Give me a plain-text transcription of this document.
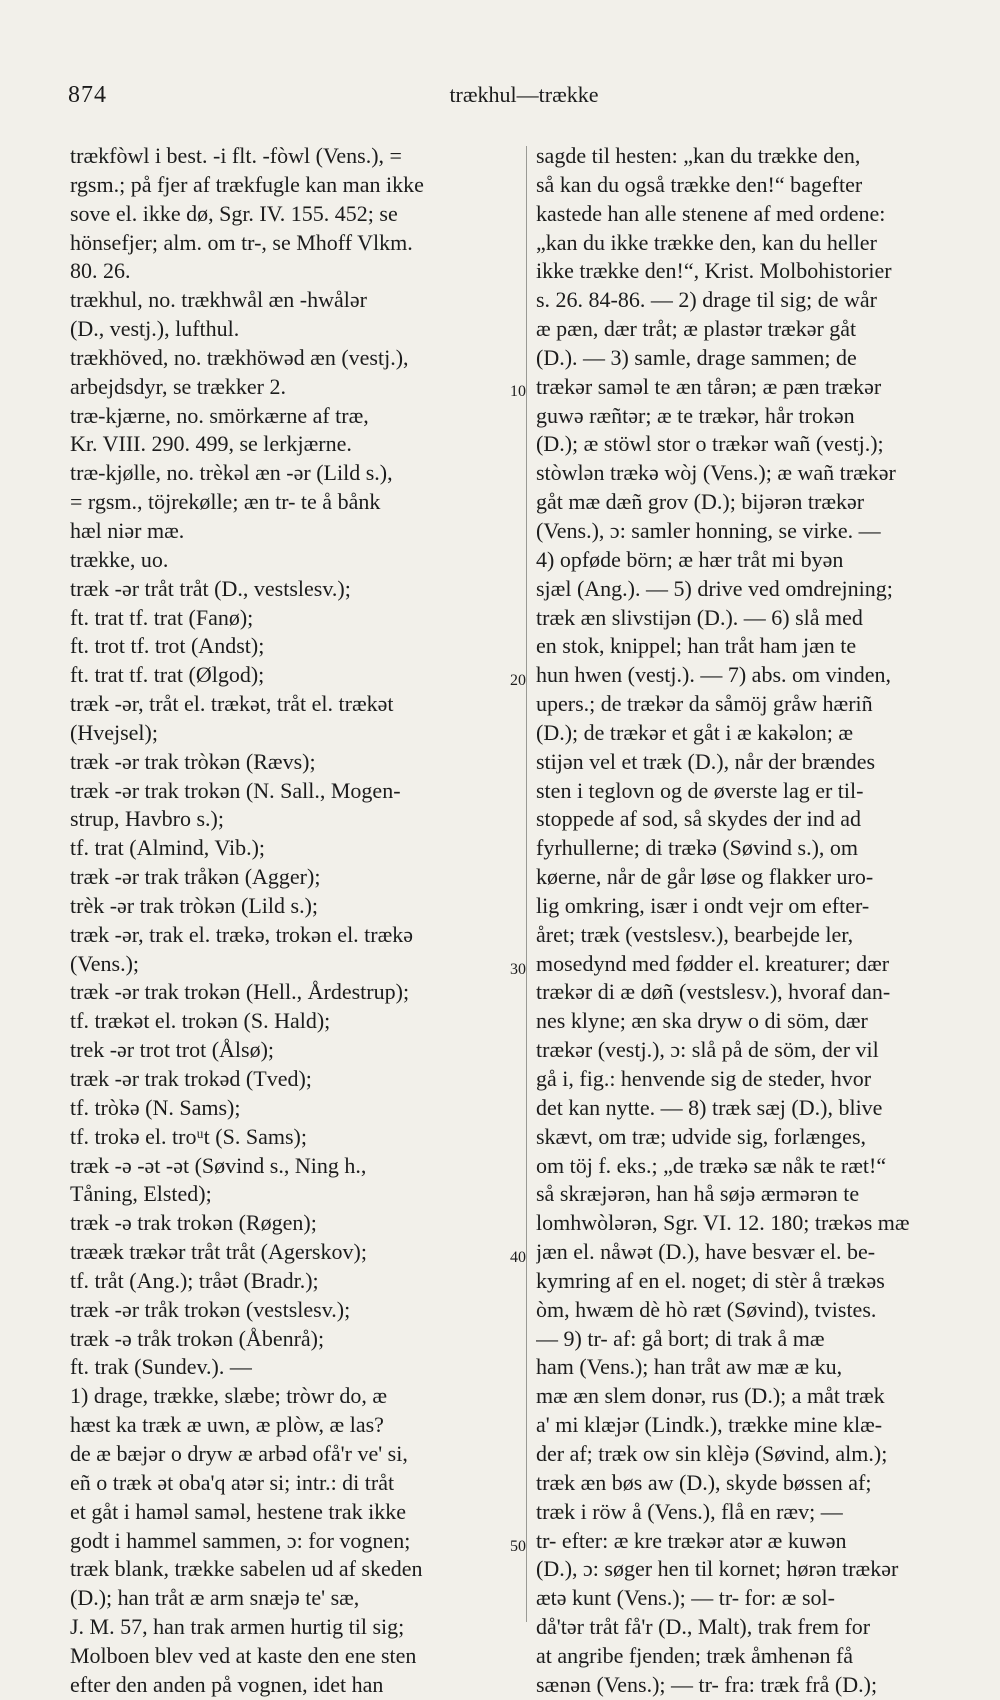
874	trækhul—trække
trækfòwl i best. -i flt. -fòwl (Vens.), =
rgsm.; på fjer af trækfugle kan man ikke
sove el. ikke dø, Sgr. IV. 155. 452; se
hönsefjer; alm. om tr-, se Mhoff Vlkm.
80. 26.
trækhul, no. trækhwål æn -hwålər
(D., vestj.), lufthul.
trækhöved, no. trækhöwəd æn (vestj.),
arbejdsdyr, se trækker 2.
træ-kjærne, no. smörkærne af træ,
Kr. VIII. 290. 499, se lerkjærne.
træ-kjølle, no. trèkəl æn -ər (Lild s.),
= rgsm., töjrekølle; æn tr- te å bånk
hæl niər mæ.
trække, uo.
træk -ər tråt tråt (D., vestslesv.);
ft. trat tf. trat (Fanø);
ft. trot tf. trot (Andst);
ft. trat tf. trat (Ølgod);
træk -ər, tråt el. trækət, tråt el. trækət
(Hvejsel);
træk -ər trak tròkən (Rævs);
træk -ər trak trokən (N. Sall., Mogen-
strup, Havbro s.);
tf. trat (Almind, Vib.);
træk -ər trak tråkən (Agger);
trèk -ər trak tròkən (Lild s.);
træk -ər, trak el. trækə, trokən el. trækə
(Vens.);
træk -ər trak trokən (Hell., Årdestrup);
tf. trækət el. trokən (S. Hald);
trek -ər trot trot (Ålsø);
træk -ər trak trokəd (Tved);
tf. tròkə (N. Sams);
tf. trokə el. troᵘt (S. Sams);
træk -ə -ət -ət (Søvind s., Ning h.,
Tåning, Elsted);
træk -ə trak trokən (Røgen);
trææk trækər tråt tråt (Agerskov);
tf. tråt (Ang.); tråət (Bradr.);
træk -ər tråk trokən (vestslesv.);
træk -ə tråk trokən (Åbenrå);
ft. trak (Sundev.). —
1) drage, trække, slæbe; tròwr do, æ
hæst ka træk æ uwn, æ plòw, æ las?
de æ bæjər o dryw æ arbəd ofå'r ve' si,
eñ o træk ət oba'q atər si; intr.: di tråt
et gåt i haməl saməl, hestene trak ikke
godt i hammel sammen, ɔ: for vognen;
træk blank, trække sabelen ud af skeden
(D.); han tråt æ arm snæjə te' sæ,
J. M. 57, han trak armen hurtig til sig;
Molboen blev ved at kaste den ene sten
efter den anden på vognen, idet han
sagde til hesten: „kan du trække den,
så kan du også trække den!“ bagefter
kastede han alle stenene af med ordene:
„kan du ikke trække den, kan du heller
ikke trække den!“, Krist. Molbohistorier
s. 26. 84-86. — 2) drage til sig; de wår
æ pæn, dær tråt; æ plastər trækər gåt
(D.). — 3) samle, drage sammen; de
trækər saməl te æn tårən; æ pæn trækər
guwə ræñtər; æ te trækər, hår trokən
(D.); æ stöwl stor o trækər wañ (vestj.);
stòwlən trækə wòj (Vens.); æ wañ trækər
gåt mæ dæñ grov (D.); bijərən trækər
(Vens.), ɔ: samler honning, se virke. —
4) opføde börn; æ hær tråt mi byən
sjæl (Ang.). — 5) drive ved omdrejning;
træk æn slivstijən (D.). — 6) slå med
en stok, knippel; han tråt ham jæn te
hun hwen (vestj.). — 7) abs. om vinden,
upers.; de trækər da såmöj gråw hæriñ
(D.); de trækər et gåt i æ kakəlon; æ
stijən vel et træk (D.), når der brændes
sten i teglovn og de øverste lag er til-
stoppede af sod, så skydes der ind ad
fyrhullerne; di trækə (Søvind s.), om
køerne, når de går løse og flakker uro-
lig omkring, især i ondt vejr om efter-
året; træk (vestslesv.), bearbejde ler,
mosedynd med fødder el. kreaturer; dær
trækər di æ døñ (vestslesv.), hvoraf dan-
nes klyne; æn ska dryw o di söm, dær
trækər (vestj.), ɔ: slå på de söm, der vil
gå i, fig.: henvende sig de steder, hvor
det kan nytte. — 8) træk sæj (D.), blive
skævt, om træ; udvide sig, forlænges,
om töj f. eks.; „de trækə sæ nåk te ræt!“
så skræjərən, han hå søjə ærmərən te
lomhwòlərən, Sgr. VI. 12. 180; trækəs mæ
jæn el. nåwət (D.), have besvær el. be-
kymring af en el. noget; di stèr å trækəs
òm, hwæm dè hò ræt (Søvind), tvistes.
— 9) tr- af: gå bort; di trak å mæ
ham (Vens.); han tråt aw mæ æ ku,
mæ æn slem donər, rus (D.); a måt træk
a' mi klæjər (Lindk.), trække mine klæ-
der af; træk ow sin klèjə (Søvind, alm.);
træk æn bøs aw (D.), skyde bøssen af;
træk i röw å (Vens.), flå en ræv; —
tr- efter: æ kre trækər atər æ kuwən
(D.), ɔ: søger hen til kornet; hørən trækər
ætə kunt (Vens.); — tr- for: æ sol-
då'tər tråt få'r (D., Malt), trak frem for
at angribe fjenden; træk åmhenən få
sænən (Vens.); — tr- fra: træk frå (D.);
10
20
30
40
50
